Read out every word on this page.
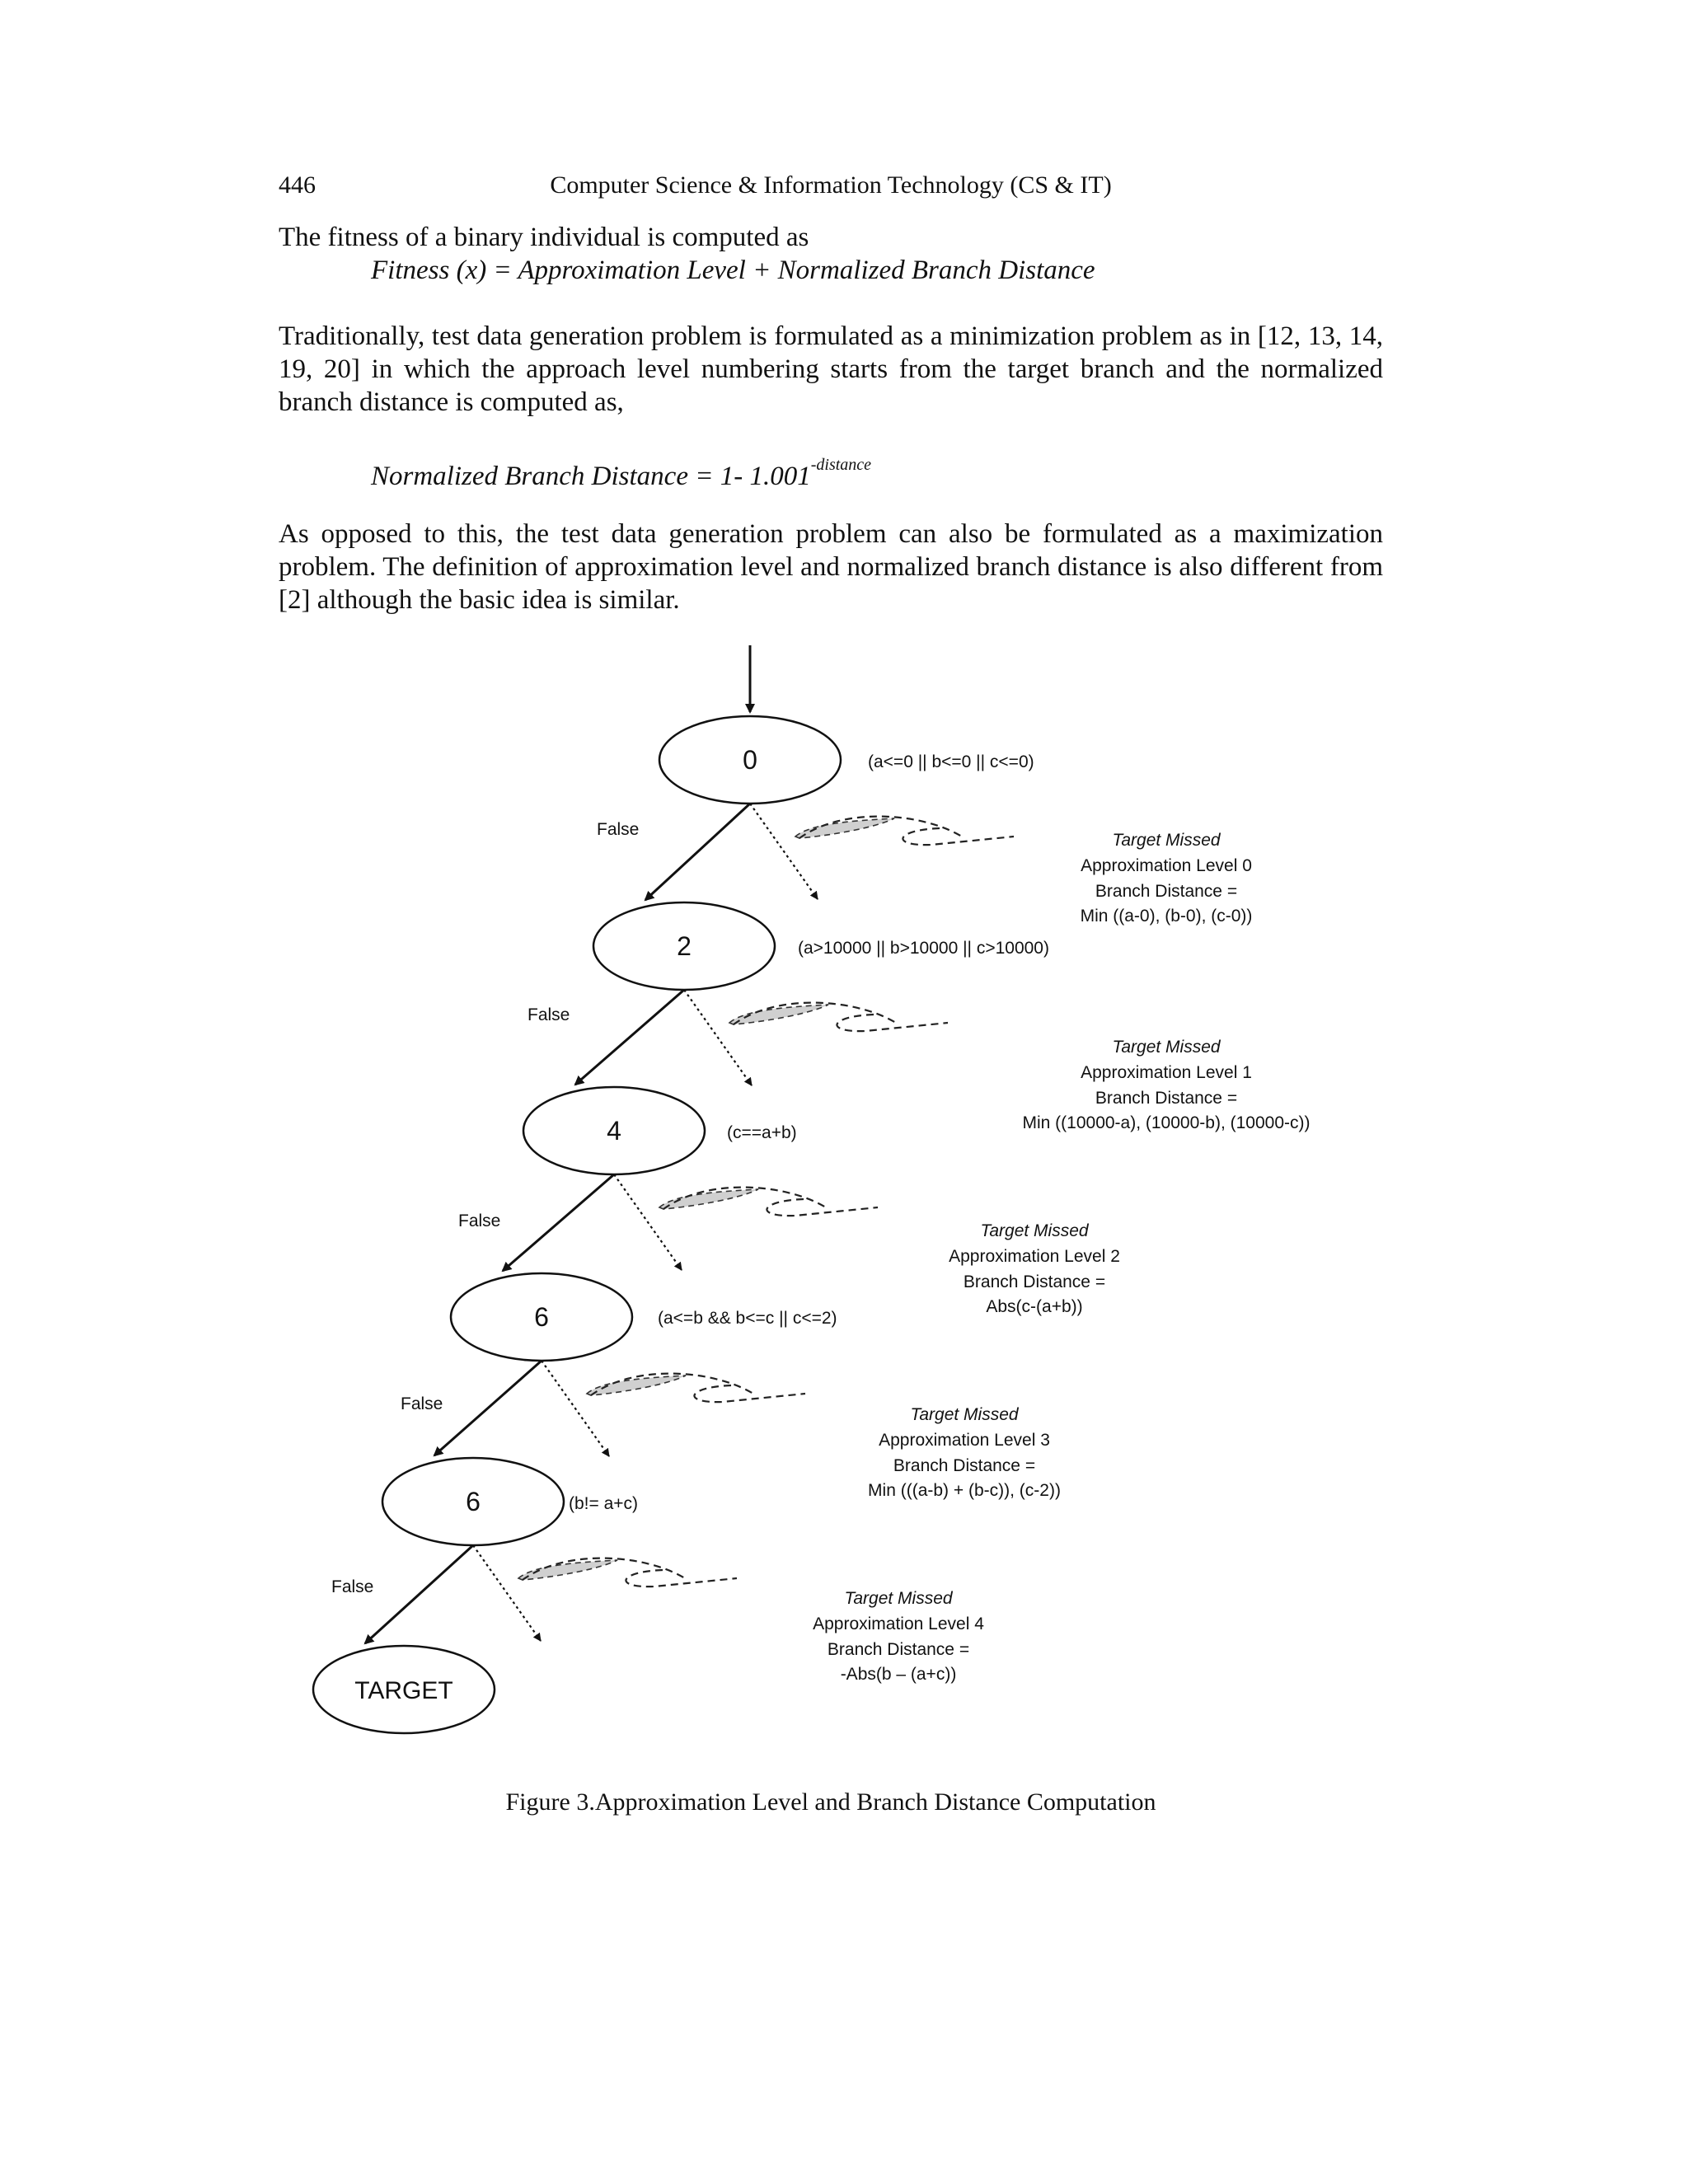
446	Computer Science & Information Technology (CS & IT)
The fitness of a binary individual is computed as
Fitness (x) = Approximation Level + Normalized Branch Distance
Traditionally, test data generation problem is formulated as a minimization problem as in [12, 13, 14, 19, 20] in which the approach level numbering starts from the target branch and the normalized branch distance is computed as,
Normalized Branch Distance = 1- $1.001^{-distance}$
As opposed to this, the test data generation problem can also be formulated as a maximization problem. The definition of approximation level and normalized branch distance is also different from [2] although the basic idea is similar.
0	(a<=0 || b<=0 || c<=0)
2	(a>10000 || b>10000 || c>10000)
4	(c==a+b)
6	(a<=b && b<=c || c<=2)
6	(b!= a+c)
TARGET
False
Target Missed
Approximation Level 0
Branch Distance =
Min ((a-0), (b-0), (c-0))
False
Target Missed
Approximation Level 1
Branch Distance =
Min ((10000-a), (10000-b), (10000-c))
False
Target Missed
Approximation Level 2
Branch Distance =
Abs(c-(a+b))
False
Target Missed
Approximation Level 3
Branch Distance =
Min (((a-b) + (b-c)), (c-2))
False
Target Missed
Approximation Level 4
Branch Distance =
-Abs(b – (a+c))
Figure 3.Approximation Level and Branch Distance Computation
